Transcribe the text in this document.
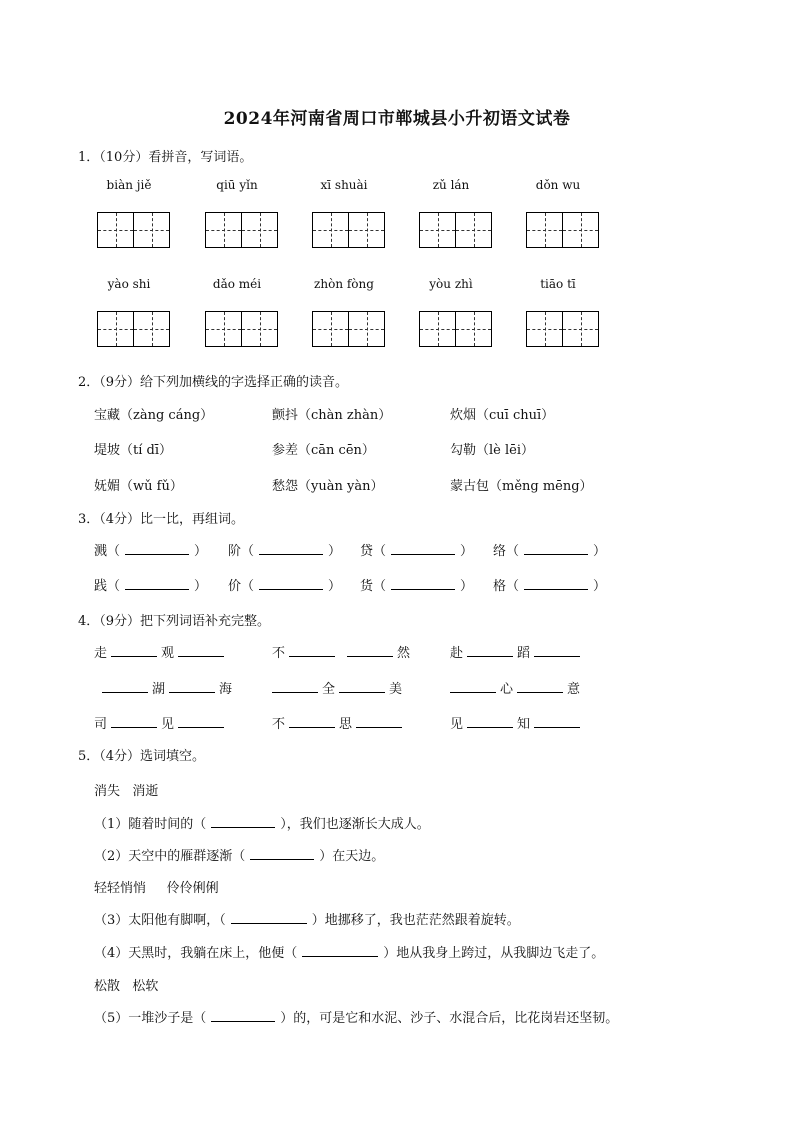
2024年河南省周口市郸城县小升初语文试卷
1．（10分）看拼音，写词语。
biàn jiě	qiū yǐn	xī shuài	zǔ lán	dǒn wu
yào shi	dǎo méi	zhòn fòng	yòu zhì	tiāo tī
2．（9分）给下列加横线的字选择正确的读音。
宝藏（zàng cáng）	颤抖（chàn zhàn）	炊烟（cuī chuī）
堤坡（tí dī）	参差（cān cēn）	勾勒（lè lēi）
妩媚（wǔ fǔ）	愁怨（yuàn yàn）	蒙古包（měng mēng）
3．（4分）比一比，再组词。
溅（	） 阶（	） 贷（	） 络（	）
践（	） 价（	） 货（	） 格（	）
4．（9分）把下列词语补充完整。
走	观	不	然	赴	蹈
湖	海	全	美	心	意
司	见	不	思	见	知
5．（4分）选词填空。
消失   消逝
（1）随着时间的（	），我们也逐渐长大成人。
（2）天空中的雁群逐渐（	）在天边。
轻轻悄悄     伶伶俐俐
（3）太阳他有脚啊，（	）地挪移了，我也茫茫然跟着旋转。
（4）天黑时，我躺在床上，他便（	）地从我身上跨过，从我脚边飞走了。
松散   松软
（5）一堆沙子是（	）的，可是它和水泥、沙子、水混合后，比花岗岩还坚韧。
